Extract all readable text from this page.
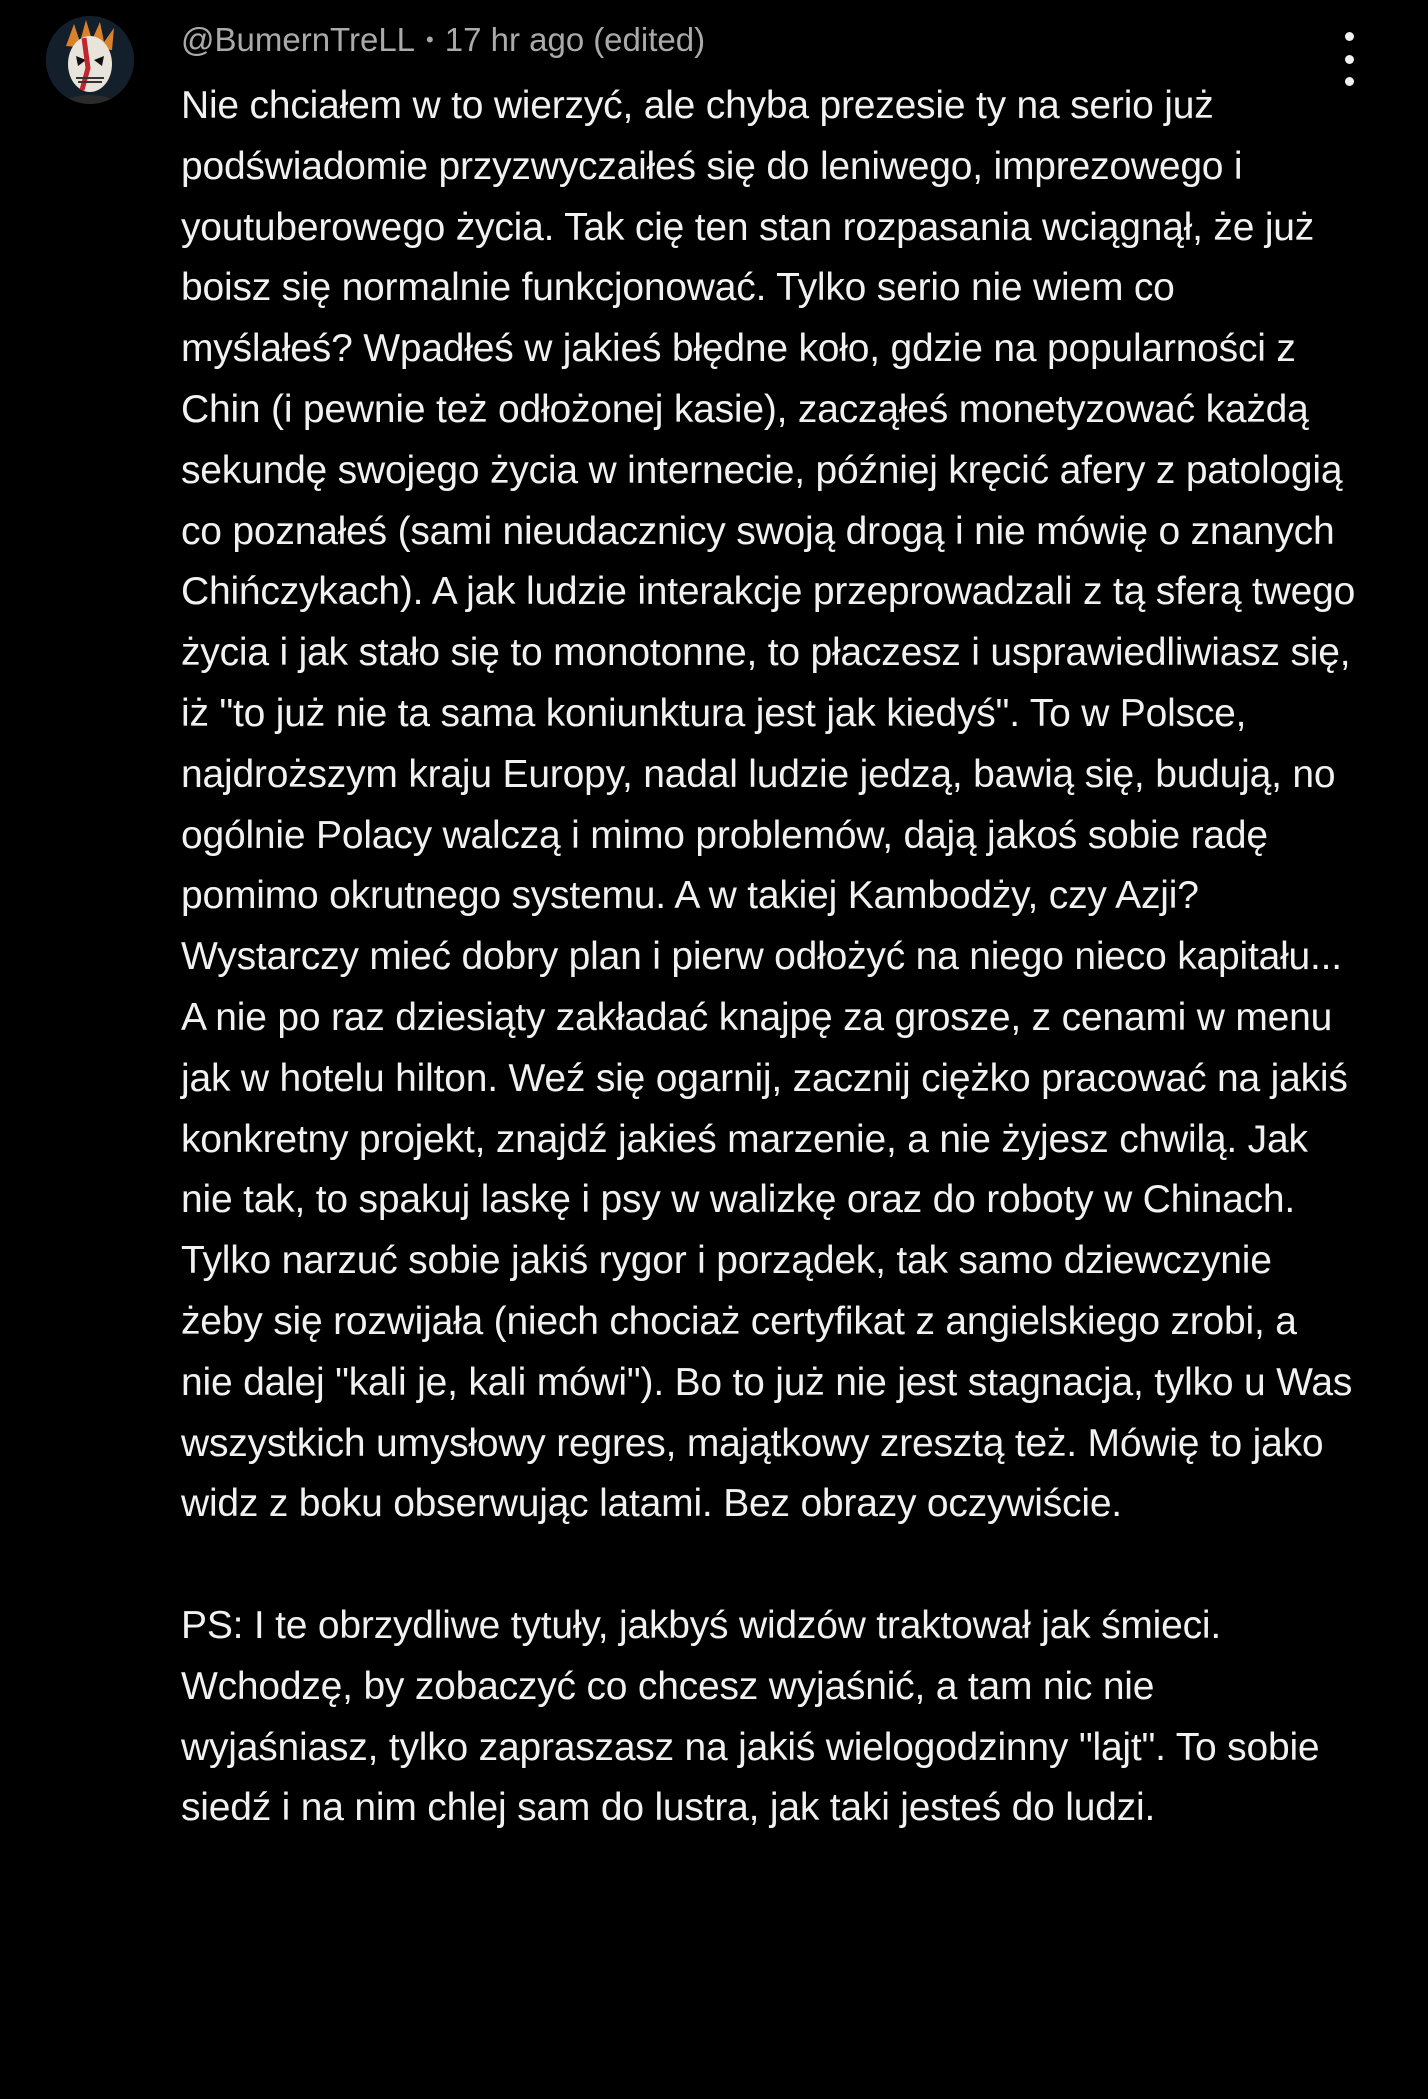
@BumernTreLL • 17 hr ago (edited)

Nie chciałem w to wierzyć, ale chyba prezesie ty na serio już podświadomie przyzwyczaiłeś się do leniwego, imprezowego i youtuberowego życia. Tak cię ten stan rozpasania wciągnął, że już boisz się normalnie funkcjonować. Tylko serio nie wiem co myślałeś? Wpadłeś w jakieś błędne koło, gdzie na popularności z Chin (i pewnie też odłożonej kasie), zacząłeś monetyzować każdą sekundę swojego życia w internecie, później kręcić afery z patologią co poznałeś (sami nieudacznicy swoją drogą i nie mówię o znanych Chińczykach). A jak ludzie interakcje przeprowadzali z tą sferą twego życia i jak stało się to monotonne, to płaczesz i usprawiedliwiasz się, iż "to już nie ta sama koniunktura jest jak kiedyś". To w Polsce, najdroższym kraju Europy, nadal ludzie jedzą, bawią się, budują, no ogólnie Polacy walczą i mimo problemów, dają jakoś sobie radę pomimo okrutnego systemu. A w takiej Kambodży, czy Azji? Wystarczy mieć dobry plan i pierw odłożyć na niego nieco kapitału... A nie po raz dziesiąty zakładać knajpę za grosze, z cenami w menu jak w hotelu hilton. Weź się ogarnij, zacznij ciężko pracować na jakiś konkretny projekt, znajdź jakieś marzenie, a nie żyjesz chwilą. Jak nie tak, to spakuj laskę i psy w walizkę oraz do roboty w Chinach. Tylko narzuć sobie jakiś rygor i porządek, tak samo dziewczynie żeby się rozwijała (niech chociaż certyfikat z angielskiego zrobi, a nie dalej "kali je, kali mówi"). Bo to już nie jest stagnacja, tylko u Was wszystkich umysłowy regres, majątkowy zresztą też. Mówię to jako widz z boku obserwując latami. Bez obrazy oczywiście.

PS: I te obrzydliwe tytuły, jakbyś widzów traktował jak śmieci. Wchodzę, by zobaczyć co chcesz wyjaśnić, a tam nic nie wyjaśniasz, tylko zapraszasz na jakiś wielogodzinny "lajt". To sobie siedź i na nim chlej sam do lustra, jak taki jesteś do ludzi.
